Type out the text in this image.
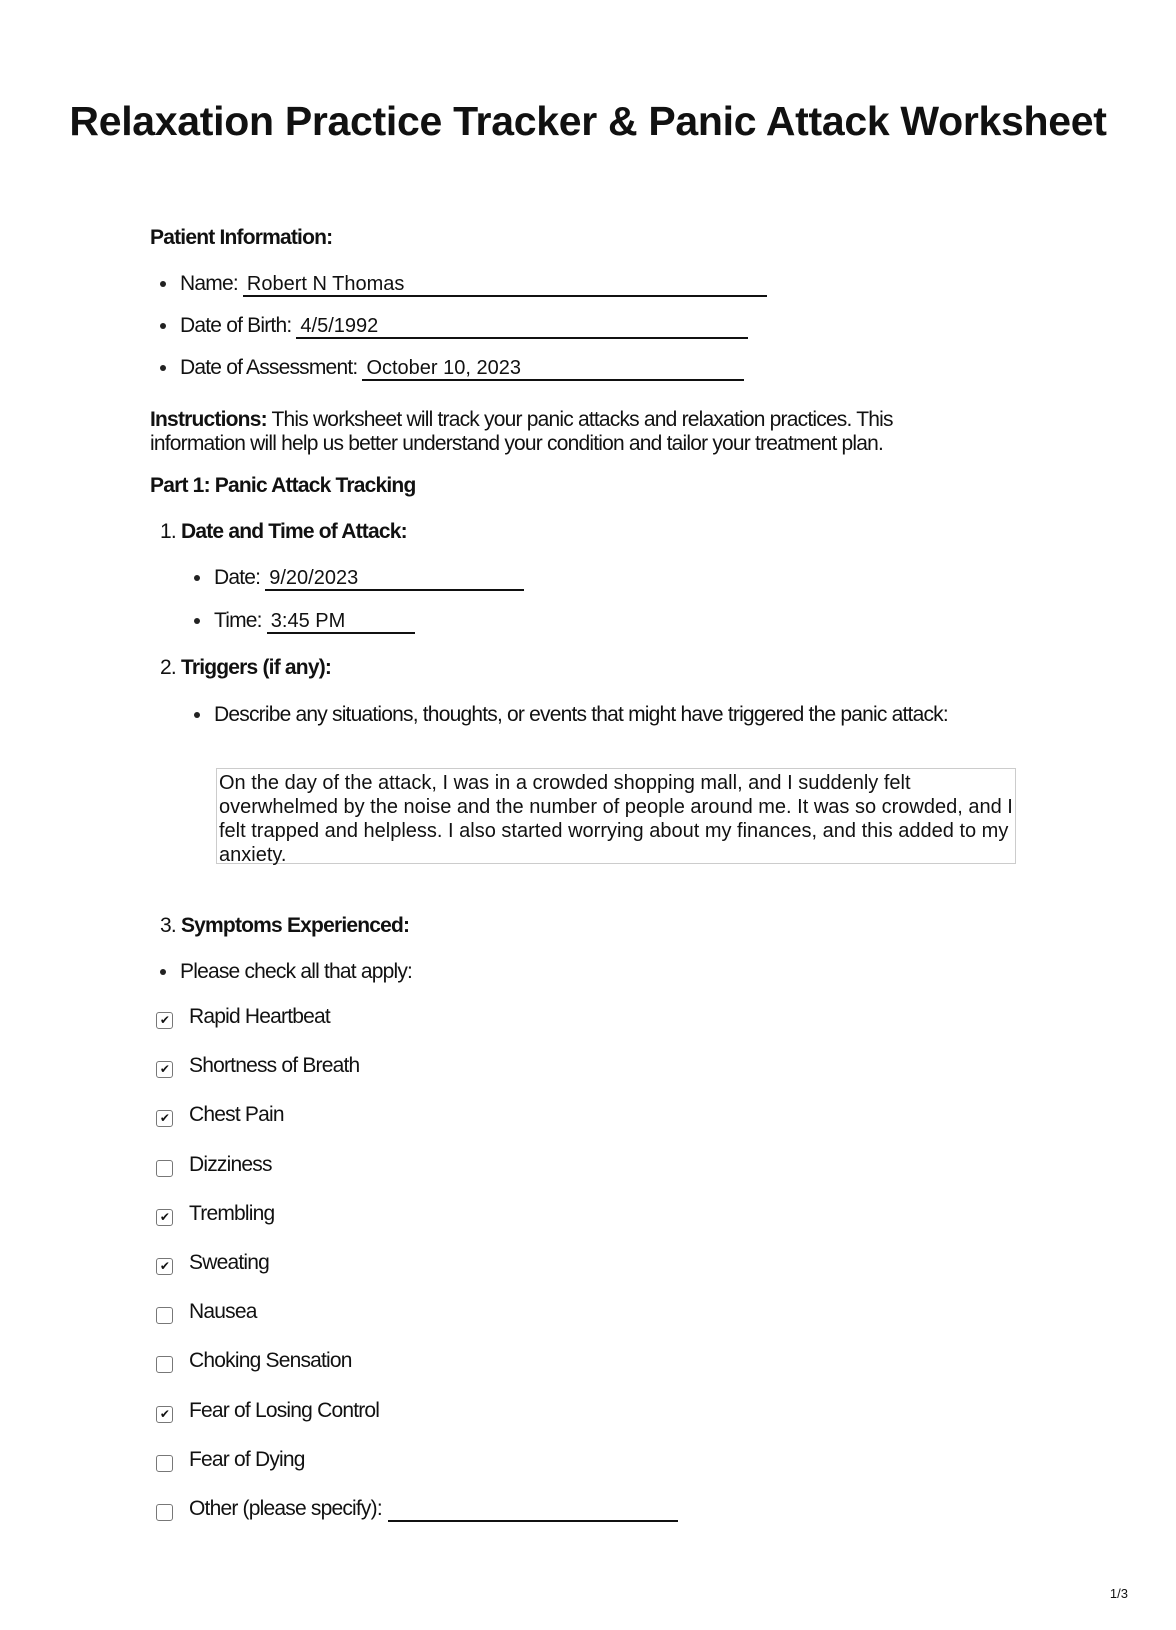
Relaxation Practice Tracker & Panic Attack Worksheet
Patient Information:
Name: Robert N Thomas
Date of Birth: 4/5/1992
Date of Assessment: October 10, 2023
Instructions: This worksheet will track your panic attacks and relaxation practices. This information will help us better understand your condition and tailor your treatment plan.
Part 1: Panic Attack Tracking
1. Date and Time of Attack:
Date: 9/20/2023
Time: 3:45 PM
2. Triggers (if any):
Describe any situations, thoughts, or events that might have triggered the panic attack:
On the day of the attack, I was in a crowded shopping mall, and I suddenly felt overwhelmed by the noise and the number of people around me. It was so crowded, and I felt trapped and helpless. I also started worrying about my finances, and this added to my anxiety.
3. Symptoms Experienced:
Please check all that apply:
✔ Rapid Heartbeat
✔ Shortness of Breath
✔ Chest Pain
Dizziness
✔ Trembling
✔ Sweating
Nausea
Choking Sensation
✔ Fear of Losing Control
Fear of Dying
Other (please specify):
1/3
